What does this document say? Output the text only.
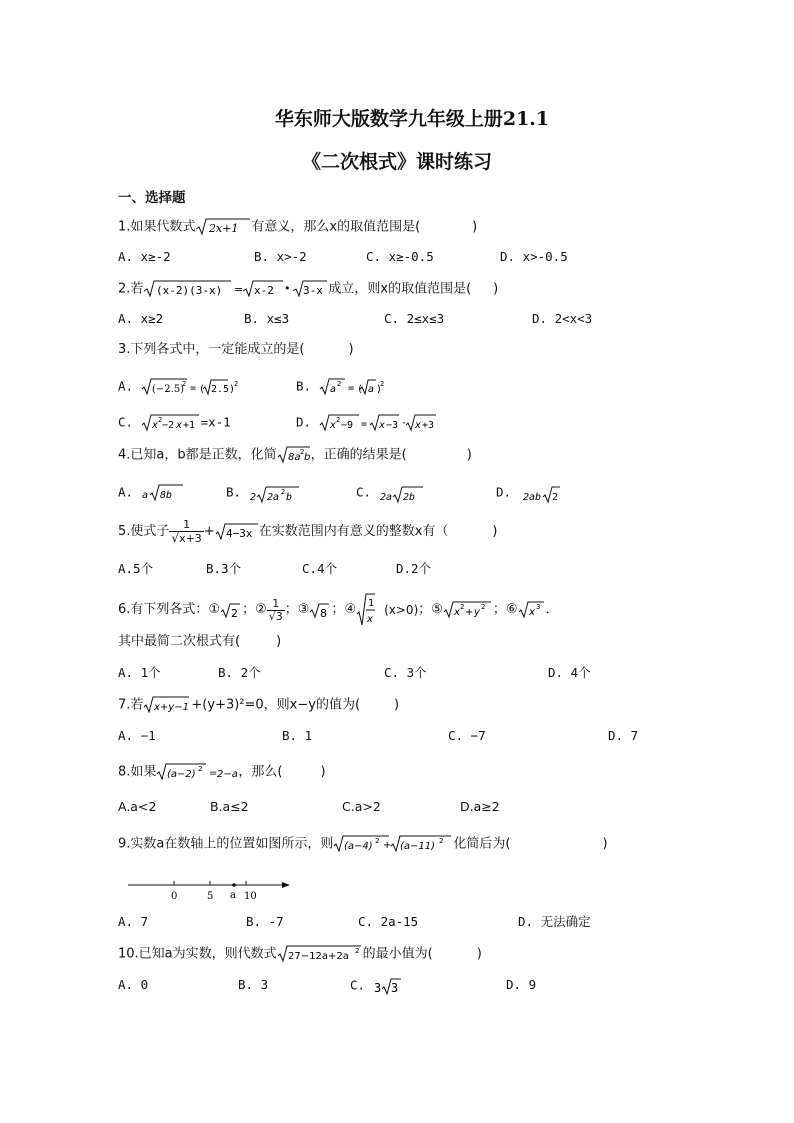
华东师大版数学九年级上册21.1
《二次根式》课时练习
一、选择题
1.如果代数式 2x+1 有意义，那么x的取值范围是(	)
A. x≥-2	B. x>-2	C. x≥-0.5	D. x>-0.5
2.若 (x-2)(3-x) = x-2 • 3-x 成立，则x的取值范围是( )
A. x≥2	B. x≤3	C. 2≤x≤3	D. 2<x<3
3.下列各式中，一定能成立的是(	)
A. (−2.5)
2 = ( 2.5 )
2	B. a 2 = ( a )
2
C. x 2 −2 x +1 =x-1	D. x 2 −9 = x −3 · x +3
4.已知a，b都是正数，化简 8a 2 b ，正确的结果是(	)
A. a 8b	B. 2 2a 2 b	C. 2a 2b	D. 2ab 2
5.使式子 $\frac{1}{√x+3} + 4-3x$ 在实数范围内有意义的整数x有（	)
A.5个	B.3个	C.4个	D.2个
6.有下列各式：① 2 ； ② $\frac{1}{√3}$ ； ③ 8 ； ④ 1
x
(x>0) ； ⑤ x 2 + y 2 ； ⑥ x 3 ．
其中最简二次根式有(	)
A. 1个	B. 2个	C. 3个	D. 4个
7.若 x+y−1 +(y+3)²=0，则x−y的值为(	)
A. −1	B. 1	C. −7	D. 7
8.如果 (a−2) 2 = 2−a ，那么(	)
A.a<2	B.a≤2	C.a>2	D.a≥2
9.实数a在数轴上的位置如图所示，则 (a−4) 2 + (a−11) 2 化简后为(	)
0	5 a 10
A. 7	B. -7	C. 2a-15	D. 无法确定
10.已知a为实数，则代数式 27−12a+2a 2 的最小值为(	)
A. 0	B. 3	C. 3 3	D. 9
